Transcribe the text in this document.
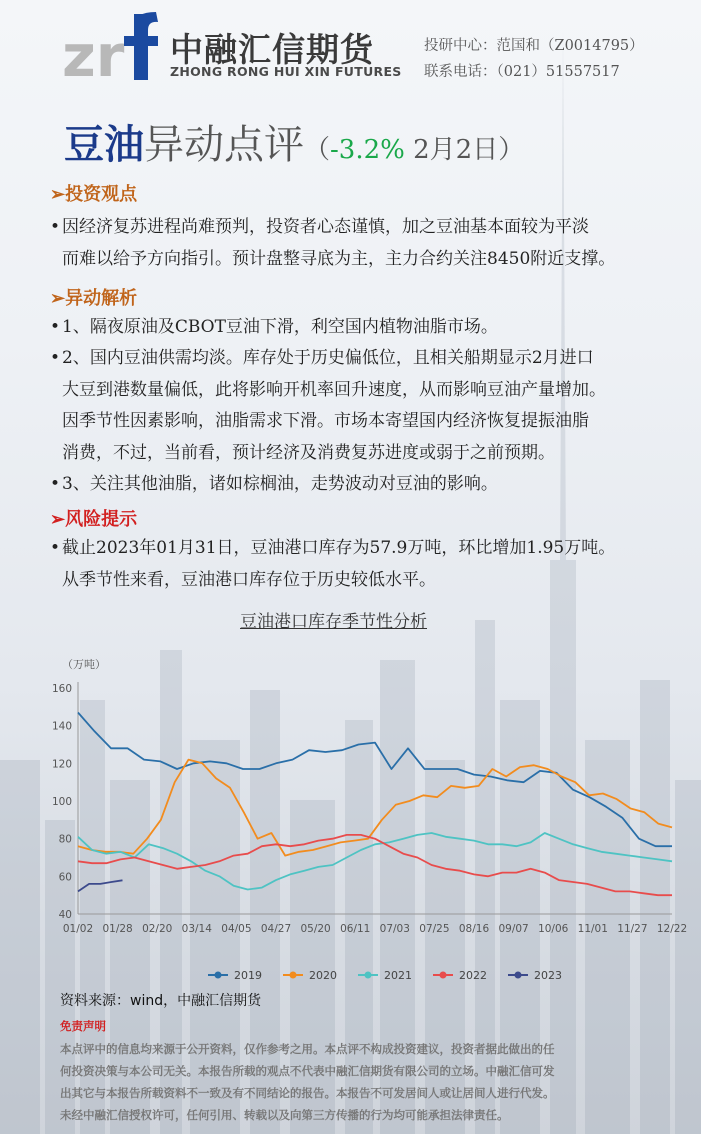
zr 中融汇信期货
ZHONG RONG HUI XIN FUTURES
投研中心：范国和（Z0014795）
联系电话：（021）51557517
豆油异动点评（-3.2% 2月2日）
➢投资观点
• 因经济复苏进程尚难预判，投资者心态谨慎，加之豆油基本面较为平淡
而难以给予方向指引。预计盘整寻底为主，主力合约关注8450附近支撑。
➢异动解析
• 1、隔夜原油及CBOT豆油下滑，利空国内植物油脂市场。
• 2、国内豆油供需均淡。库存处于历史偏低位，且相关船期显示2月进口
大豆到港数量偏低，此将影响开机率回升速度，从而影响豆油产量增加。
因季节性因素影响，油脂需求下滑。市场本寄望国内经济恢复提振油脂
消费，不过，当前看，预计经济及消费复苏进度或弱于之前预期。
• 3、关注其他油脂，诸如棕榈油，走势波动对豆油的影响。
➢风险提示
• 截止2023年01月31日，豆油港口库存为57.9万吨，环比增加1.95万吨。
从季节性来看，豆油港口库存位于历史较低水平。
豆油港口库存季节性分析
（万吨）
40
60
80
100
120
140
160
01/02 01/28 02/20 03/14 04/05 04/27 05/20 06/11 07/03 07/25 08/16 09/07 10/06 11/01 11/27 12/22
2019	2020	2021	2022	2023
资料来源：wind，中融汇信期货
免责声明
本点评中的信息均来源于公开资料，仅作参考之用。本点评不构成投资建议，投资者据此做出的任
何投资决策与本公司无关。本报告所载的观点不代表中融汇信期货有限公司的立场。中融汇信可发
出其它与本报告所载资料不一致及有不同结论的报告。本报告不可发居间人或让居间人进行代发。
未经中融汇信授权许可，任何引用、转载以及向第三方传播的行为均可能承担法律责任。
